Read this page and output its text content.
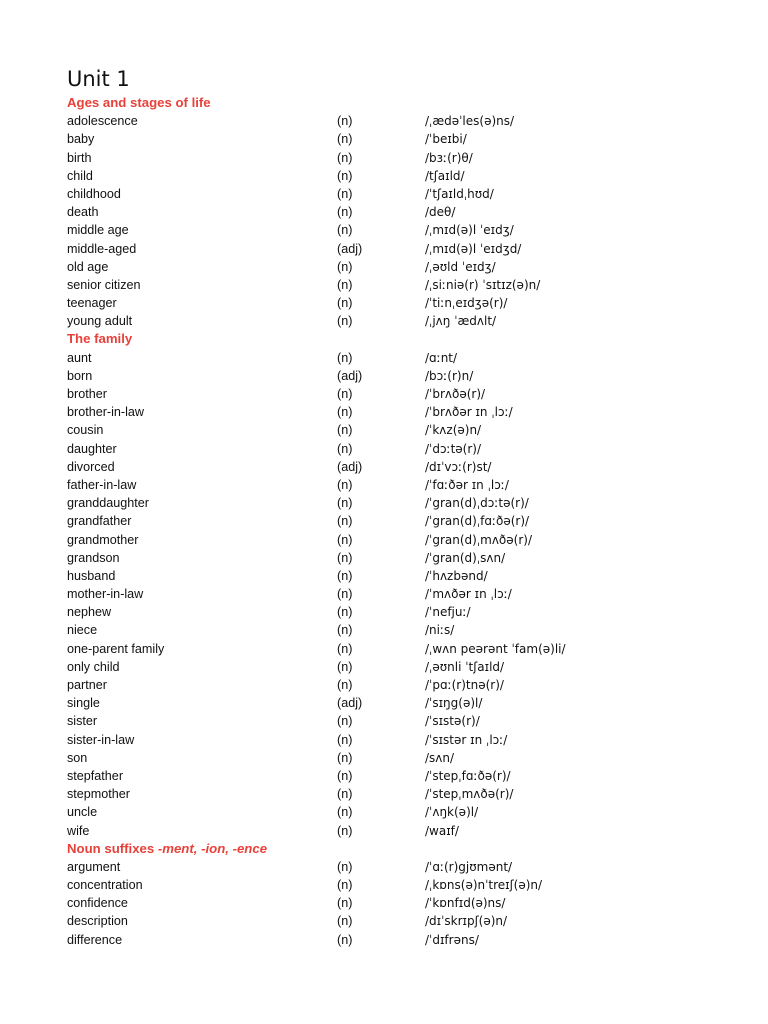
Unit 1
Ages and stages of life
adolescence	(n)	/ˌædəˈles(ə)ns/
baby	(n)	/ˈbeɪbi/
birth	(n)	/bɜː(r)θ/
child	(n)	/tʃaɪld/
childhood	(n)	/ˈtʃaɪldˌhʊd/
death	(n)	/deθ/
middle age	(n)	/ˌmɪd(ə)l ˈeɪdʒ/
middle-aged	(adj)	/ˌmɪd(ə)l ˈeɪdʒd/
old age	(n)	/ˌəʊld ˈeɪdʒ/
senior citizen	(n)	/ˌsiːniə(r) ˈsɪtɪz(ə)n/
teenager	(n)	/ˈtiːnˌeɪdʒə(r)/
young adult	(n)	/ˌjʌŋ ˈædʌlt/
The family
aunt	(n)	/ɑːnt/
born	(adj)	/bɔː(r)n/
brother	(n)	/ˈbrʌðə(r)/
brother-in-law	(n)	/ˈbrʌðər ɪn ˌlɔː/
cousin	(n)	/ˈkʌz(ə)n/
daughter	(n)	/ˈdɔːtə(r)/
divorced	(adj)	/dɪˈvɔː(r)st/
father-in-law	(n)	/ˈfɑːðər ɪn ˌlɔː/
granddaughter	(n)	/ˈgran(d)ˌdɔːtə(r)/
grandfather	(n)	/ˈgran(d)ˌfɑːðə(r)/
grandmother	(n)	/ˈgran(d)ˌmʌðə(r)/
grandson	(n)	/ˈgran(d)ˌsʌn/
husband	(n)	/ˈhʌzbənd/
mother-in-law	(n)	/ˈmʌðər ɪn ˌlɔː/
nephew	(n)	/ˈnefjuː/
niece	(n)	/niːs/
one-parent family	(n)	/ˌwʌn peərənt ˈfam(ə)li/
only child	(n)	/ˌəʊnli ˈtʃaɪld/
partner	(n)	/ˈpɑː(r)tnə(r)/
single	(adj)	/ˈsɪŋg(ə)l/
sister	(n)	/ˈsɪstə(r)/
sister-in-law	(n)	/ˈsɪstər ɪn ˌlɔː/
son	(n)	/sʌn/
stepfather	(n)	/ˈstepˌfɑːðə(r)/
stepmother	(n)	/ˈstepˌmʌðə(r)/
uncle	(n)	/ˈʌŋk(ə)l/
wife	(n)	/waɪf/
Noun suffixes -ment, -ion, -ence
argument	(n)	/ˈɑː(r)gjʊmənt/
concentration	(n)	/ˌkɒns(ə)nˈtreɪʃ(ə)n/
confidence	(n)	/ˈkɒnfɪd(ə)ns/
description	(n)	/dɪˈskrɪpʃ(ə)n/
difference	(n)	/ˈdɪfrəns/
